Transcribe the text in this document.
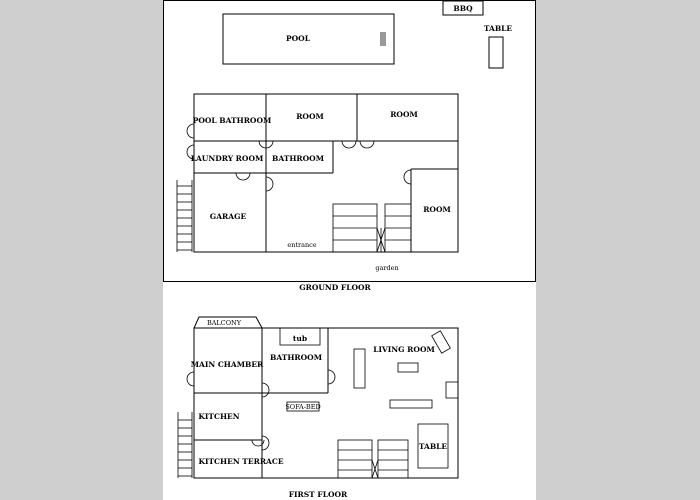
BBQ
TABLE
POOL
POOL BATHROOM	ROOM	ROOM
LAUNDRY ROOM BATHROOM
GARAGE
ROOM
entrance
garden
GROUND FLOOR
BALCONY
tub
TABLE
SOFA-BED
MAIN CHAMBER
BATHROOM
LIVING ROOM
KITCHEN
KITCHEN TERRACE
FIRST FLOOR
